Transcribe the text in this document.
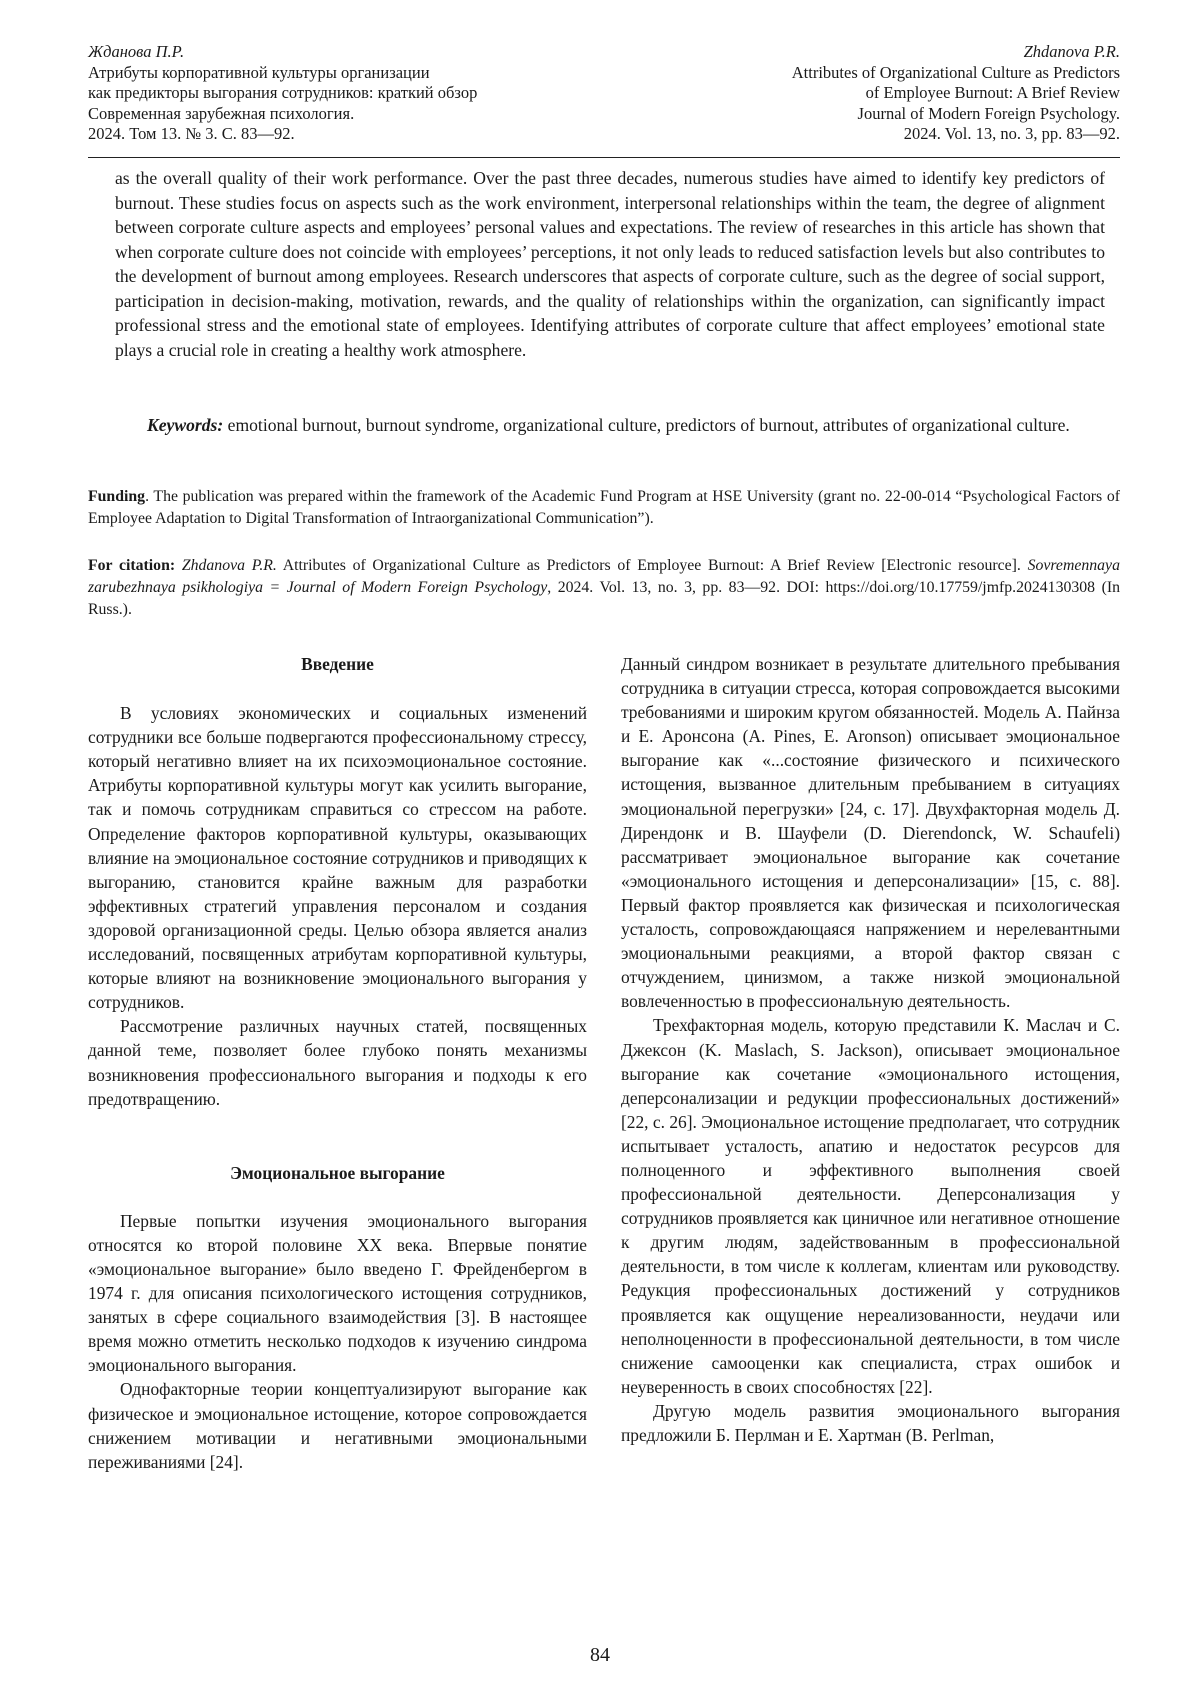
Жданова П.Р.
Атрибуты корпоративной культуры организации
как предикторы выгорания сотрудников: краткий обзор
Современная зарубежная психология.
2024. Том 13. № 3. С. 83—92.
Zhdanova P.R.
Attributes of Organizational Culture as Predictors
of Employee Burnout: A Brief Review
Journal of Modern Foreign Psychology.
2024. Vol. 13, no. 3, pp. 83—92.
as the overall quality of their work performance. Over the past three decades, numerous studies have aimed to identify key predictors of burnout. These studies focus on aspects such as the work environment, interpersonal relationships within the team, the degree of alignment between corporate culture aspects and employees’ personal values and expectations. The review of researches in this article has shown that when corporate culture does not coincide with employees’ perceptions, it not only leads to reduced satisfaction levels but also contributes to the development of burnout among employees. Research underscores that aspects of corporate culture, such as the degree of social support, participation in decision-making, motivation, rewards, and the quality of relationships within the organization, can significantly impact professional stress and the emotional state of employees. Identifying attributes of corporate culture that affect employees’ emotional state plays a crucial role in creating a healthy work atmosphere.
Keywords: emotional burnout, burnout syndrome, organizational culture, predictors of burnout, attributes of organizational culture.
Funding. The publication was prepared within the framework of the Academic Fund Program at HSE University (grant no. 22-00-014 “Psychological Factors of Employee Adaptation to Digital Transformation of Intraorganizational Communication”).
For citation: Zhdanova P.R. Attributes of Organizational Culture as Predictors of Employee Burnout: A Brief Review [Electronic resource]. Sovremennaya zarubezhnaya psikhologiya = Journal of Modern Foreign Psychology, 2024. Vol. 13, no. 3, pp. 83—92. DOI: https://doi.org/10.17759/jmfp.2024130308 (In Russ.).
Введение

В условиях экономических и социальных изменений сотрудники все больше подвергаются профессиональному стрессу, который негативно влияет на их психоэмоциональное состояние. Атрибуты корпоративной культуры могут как усилить выгорание, так и помочь сотрудникам справиться со стрессом на работе. Определение факторов корпоративной культуры, оказывающих влияние на эмоциональное состояние сотрудников и приводящих к выгоранию, становится крайне важным для разработки эффективных стратегий управления персоналом и создания здоровой организационной среды. Целью обзора является анализ исследований, посвященных атрибутам корпоративной культуры, которые влияют на возникновение эмоционального выгорания у сотрудников.

Рассмотрение различных научных статей, посвященных данной теме, позволяет более глубоко понять механизмы возникновения профессионального выгорания и подходы к его предотвращению.

Эмоциональное выгорание

Первые попытки изучения эмоционального выгорания относятся ко второй половине XX века. Впервые понятие «эмоциональное выгорание» было введено Г. Фрейденбергом в 1974 г. для описания психологического истощения сотрудников, занятых в сфере социального взаимодействия [3]. В настоящее время можно отметить несколько подходов к изучению синдрома эмоционального выгорания.

Однофакторные теории концептуализируют выгорание как физическое и эмоциональное истощение, которое сопровождается снижением мотивации и негативными эмоциональными переживаниями [24].

Данный синдром возникает в результате длительного пребывания сотрудника в ситуации стресса, которая сопровождается высокими требованиями и широким кругом обязанностей. Модель А. Пайнза и Е. Аронсона (A. Pines, E. Aronson) описывает эмоциональное выгорание как «...состояние физического и психического истощения, вызванное длительным пребыванием в ситуациях эмоциональной перегрузки» [24, с. 17]. Двухфакторная модель Д. Дирендонк и В. Шауфели (D. Dierendonck, W. Schaufeli) рассматривает эмоциональное выгорание как сочетание «эмоционального истощения и деперсонализации» [15, с. 88]. Первый фактор проявляется как физическая и психологическая усталость, сопровождающаяся напряжением и нерелевантными эмоциональными реакциями, а второй фактор связан с отчуждением, цинизмом, а также низкой эмоциональной вовлеченностью в профессиональную деятельность.

Трехфакторная модель, которую представили К. Маслач и С. Джексон (K. Maslach, S. Jackson), описывает эмоциональное выгорание как сочетание «эмоционального истощения, деперсонализации и редукции профессиональных достижений» [22, с. 26]. Эмоциональное истощение предполагает, что сотрудник испытывает усталость, апатию и недостаток ресурсов для полноценного и эффективного выполнения своей профессиональной деятельности. Деперсонализация у сотрудников проявляется как циничное или негативное отношение к другим людям, задействованным в профессиональной деятельности, в том числе к коллегам, клиентам или руководству. Редукция профессиональных достижений у сотрудников проявляется как ощущение нереализованности, неудачи или неполноценности в профессиональной деятельности, в том числе снижение самооценки как специалиста, страх ошибок и неуверенность в своих способностях [22].

Другую модель развития эмоционального выгорания предложили Б. Перлман и Е. Хартман (B. Perlman,

84
